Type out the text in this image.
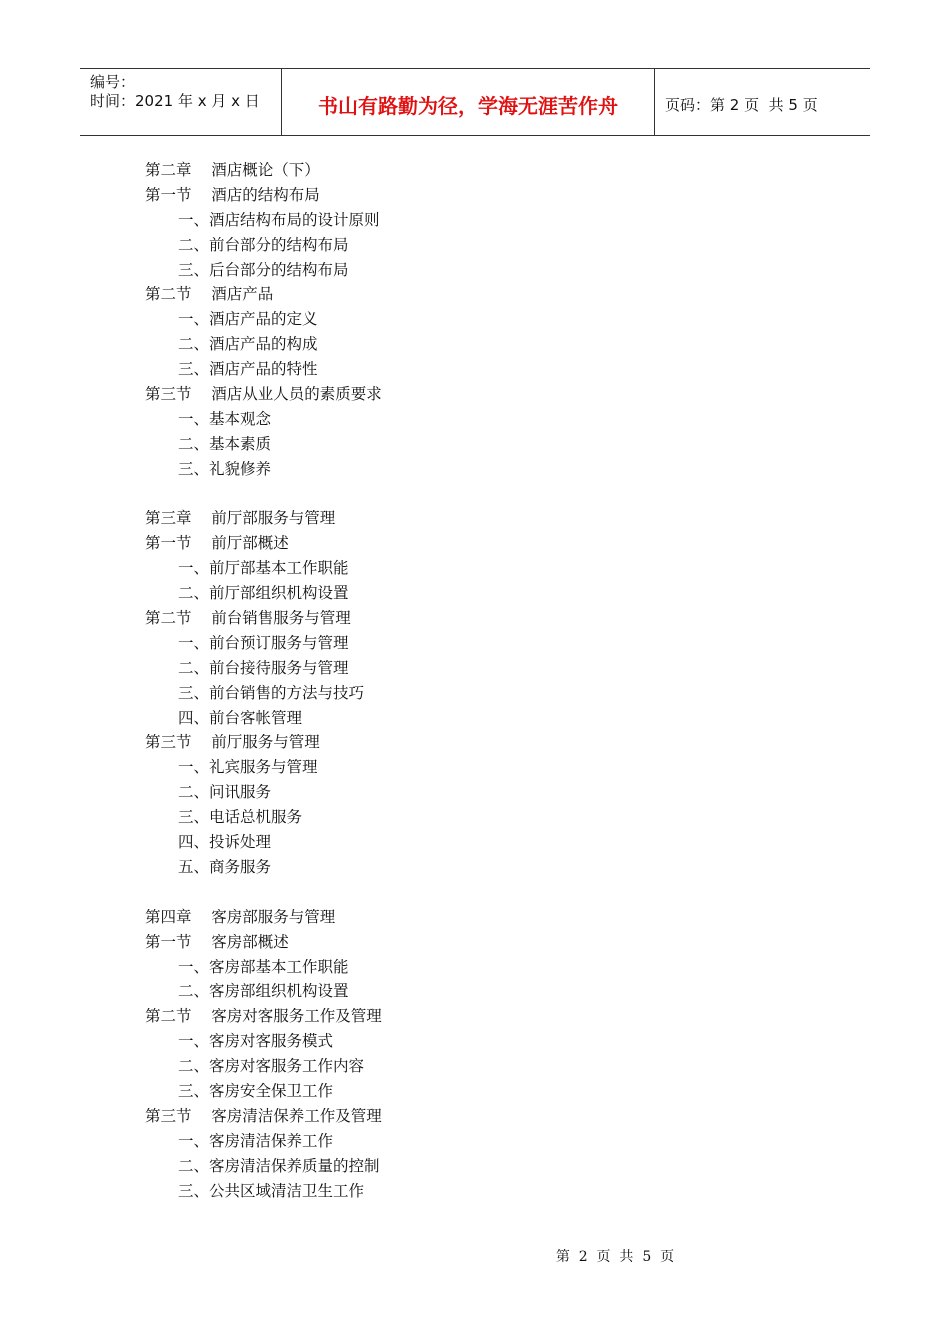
编号：
时间：2021 年 x 月 x 日	书山有路勤为径，学海无涯苦作舟	页码：第 2 页  共 5 页
第二章    酒店概论（下）
第一节    酒店的结构布局
一、酒店结构布局的设计原则
二、前台部分的结构布局
三、后台部分的结构布局
第二节    酒店产品
一、酒店产品的定义
二、酒店产品的构成
三、酒店产品的特性
第三节    酒店从业人员的素质要求
一、基本观念
二、基本素质
三、礼貌修养
第三章    前厅部服务与管理
第一节    前厅部概述
一、前厅部基本工作职能
二、前厅部组织机构设置
第二节    前台销售服务与管理
一、前台预订服务与管理
二、前台接待服务与管理
三、前台销售的方法与技巧
四、前台客帐管理
第三节    前厅服务与管理
一、礼宾服务与管理
二、问讯服务
三、电话总机服务
四、投诉处理
五、商务服务
第四章    客房部服务与管理
第一节    客房部概述
一、客房部基本工作职能
二、客房部组织机构设置
第二节    客房对客服务工作及管理
一、客房对客服务模式
二、客房对客服务工作内容
三、客房安全保卫工作
第三节    客房清洁保养工作及管理
一、客房清洁保养工作
二、客房清洁保养质量的控制
三、公共区域清洁卫生工作
第  2  页  共  5  页
